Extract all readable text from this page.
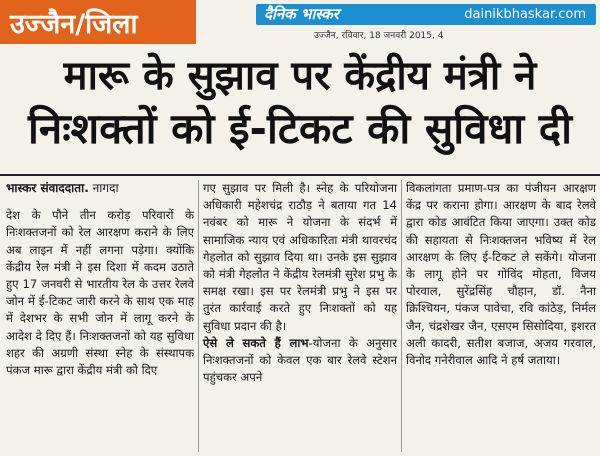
उज्जैन/जिला	दैनिक भास्कर	dainikbhaskar.com
उज्जैन, रविवार, 18 जनवरी 2015, 4
मारू के सुझाव पर केंद्रीय मंत्री ने
निःशक्तों को ई-टिकट की सुविधा दी

भास्कर संवाददाता. नागदा

देश के पौने तीन करोड़ परिवारों के निःशक्तजनों को रेल आरक्षण कराने के लिए अब लाइन में नहीं लगना पड़ेगा। क्योंकि केंद्रीय रेल मंत्री ने इस दिशा में कदम उठाते हुए 17 जनवरी से भारतीय रेल के उत्तर रेलवे जोन में ई-टिकट जारी करने के साथ एक माह में देशभर के सभी जोन में लागू करने के आदेश दे दिए हैं। निःशक्तजनों को यह सुविधा शहर की अग्रणी संस्था स्नेह के संस्थापक पंकज मारू द्वारा केंद्रीय मंत्री को दिए

गए सुझाव पर मिली है। स्नेह के परियोजना अधिकारी महेशचंद्र राठौड़ ने बताया गत 14 नवंबर को मारू ने योजना के संदर्भ में सामाजिक न्याय एवं अधिकारिता मंत्री थावरचंद गेहलोत को सुझाव दिया था। उनके इस सुझाव को मंत्री गेहलोत ने केंद्रीय रेलमंत्री सुरेश प्रभु के समक्ष रखा। इस पर रेलमंत्री प्रभु ने इस पर तुरंत कार्रवाई करते हुए निःशक्तों को यह सुविधा प्रदान की है।

ऐसे ले सकते हैं लाभ-योजना के अनुसार निःशक्तजनों को केवल एक बार रेलवे स्टेशन पहुंचकर अपने

विकलांगता प्रमाण-पत्र का पंजीयन आरक्षण केंद्र पर कराना होगा। आरक्षण के बाद रेलवे द्वारा कोड आवंटित किया जाएगा। उक्त कोड की सहायता से निःशक्तजन भविष्य में रेल आरक्षण के लिए ई-टिकट ले सकेंगे। योजना के लागू होने पर गोविंद मोहता, विजय पोरवाल, सुरेंद्रसिंह चौहान, डॉ. नैना क्रिश्चियन, पंकज पावेचा, रवि कांठेड़, निर्मल जैन, चंद्रशेखर जैन, एसएम सिसोदिया, इशरत अली कादरी, सतीश बजाज, अजय गरवाल, विनोद गनेरीवाल आदि ने हर्ष जताया।
